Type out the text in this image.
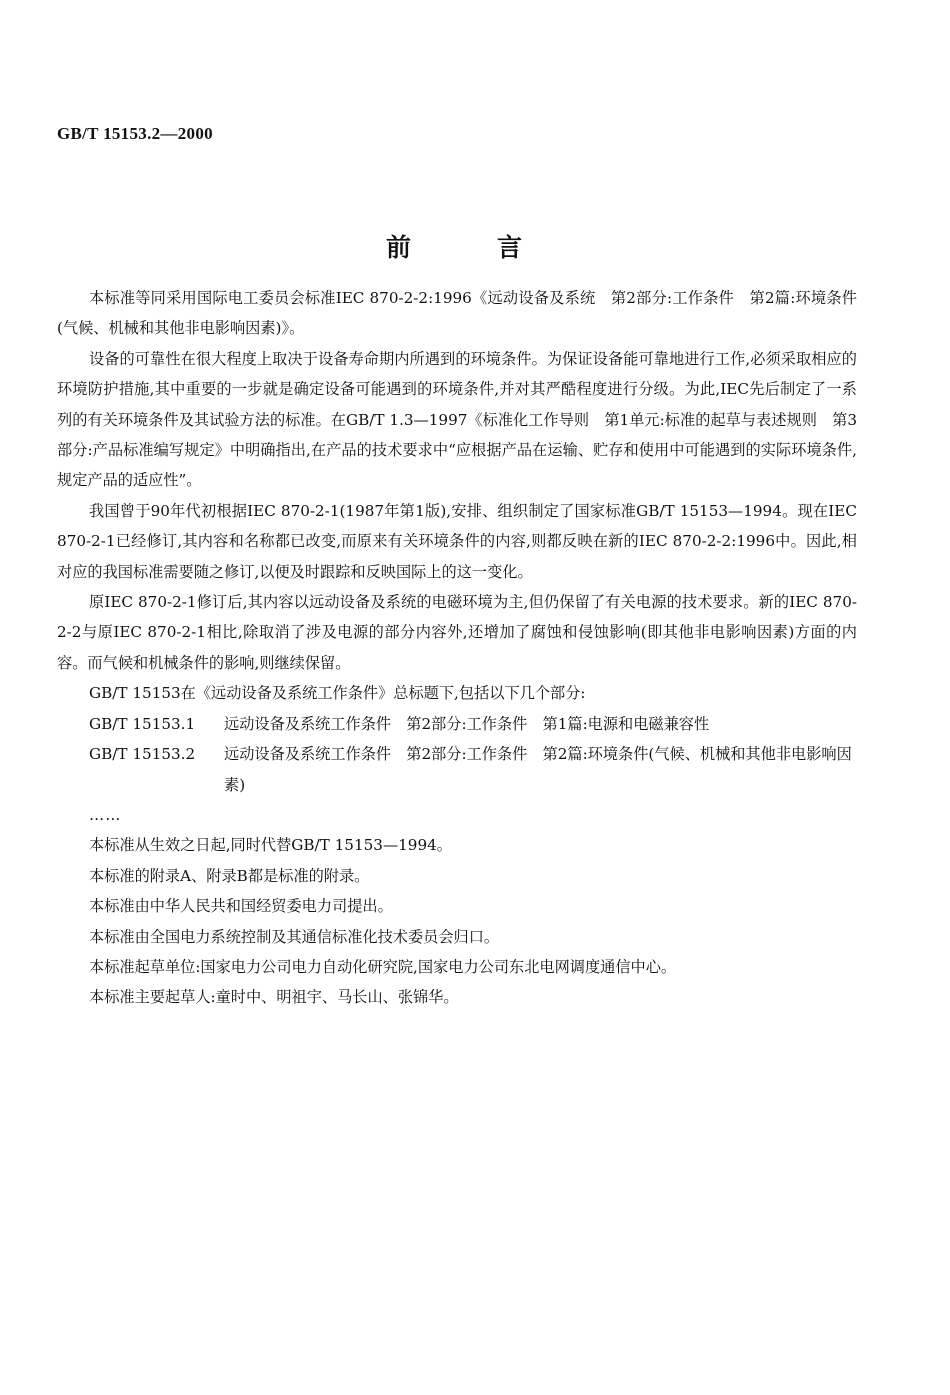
GB/T 15153.2—2000
前言

本标准等同采用国际电工委员会标准IEC 870-2-2:1996《远动设备及系统　第2部分:工作条件　第2篇:环境条件(气候、机械和其他非电影响因素)》。

设备的可靠性在很大程度上取决于设备寿命期内所遇到的环境条件。为保证设备能可靠地进行工作,必须采取相应的环境防护措施,其中重要的一步就是确定设备可能遇到的环境条件,并对其严酷程度进行分级。为此,IEC先后制定了一系列的有关环境条件及其试验方法的标准。在GB/T 1.3—1997《标准化工作导则　第1单元:标准的起草与表述规则　第3部分:产品标准编写规定》中明确指出,在产品的技术要求中“应根据产品在运输、贮存和使用中可能遇到的实际环境条件,规定产品的适应性”。

我国曾于90年代初根据IEC 870-2-1(1987年第1版),安排、组织制定了国家标准GB/T 15153—1994。现在IEC 870-2-1已经修订,其内容和名称都已改变,而原来有关环境条件的内容,则都反映在新的IEC 870-2-2:1996中。因此,相对应的我国标准需要随之修订,以便及时跟踪和反映国际上的这一变化。

原IEC 870-2-1修订后,其内容以远动设备及系统的电磁环境为主,但仍保留了有关电源的技术要求。新的IEC 870-2-2与原IEC 870-2-1相比,除取消了涉及电源的部分内容外,还增加了腐蚀和侵蚀影响(即其他非电影响因素)方面的内容。而气候和机械条件的影响,则继续保留。

GB/T 15153在《远动设备及系统工作条件》总标题下,包括以下几个部分:

GB/T 15153.1	远动设备及系统工作条件　第2部分:工作条件　第1篇:电源和电磁兼容性
GB/T 15153.2	远动设备及系统工作条件　第2部分:工作条件　第2篇:环境条件(气候、机械和其他非电影响因素)
……

本标准从生效之日起,同时代替GB/T 15153—1994。

本标准的附录A、附录B都是标准的附录。

本标准由中华人民共和国经贸委电力司提出。

本标准由全国电力系统控制及其通信标准化技术委员会归口。

本标准起草单位:国家电力公司电力自动化研究院,国家电力公司东北电网调度通信中心。

本标准主要起草人:童时中、明祖宇、马长山、张锦华。
